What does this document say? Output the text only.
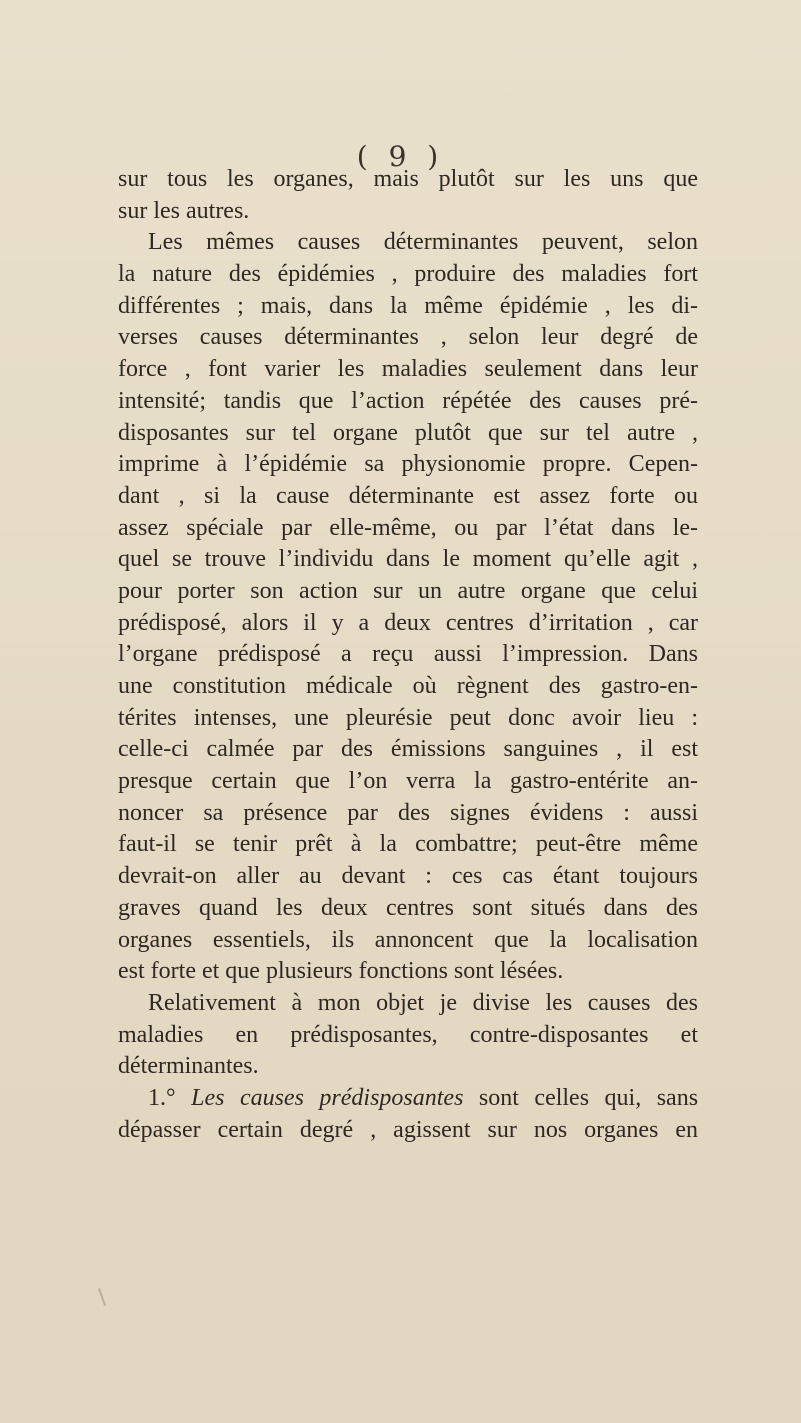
( 9 )
sur tous les organes, mais plutôt sur les uns que
sur les autres.
Les mêmes causes déterminantes peuvent, selon
la nature des épidémies , produire des maladies fort
différentes ; mais, dans la même épidémie , les di-
verses causes déterminantes , selon leur degré de
force , font varier les maladies seulement dans leur
intensité; tandis que l’action répétée des causes pré-
disposantes sur tel organe plutôt que sur tel autre ,
imprime à l’épidémie sa physionomie propre. Cepen-
dant , si la cause déterminante est assez forte ou
assez spéciale par elle-même, ou par l’état dans le-
quel se trouve l’individu dans le moment qu’elle agit ,
pour porter son action sur un autre organe que celui
prédisposé, alors il y a deux centres d’irritation , car
l’organe prédisposé a reçu aussi l’impression. Dans
une constitution médicale où règnent des gastro-en-
térites intenses, une pleurésie peut donc avoir lieu :
celle-ci calmée par des émissions sanguines , il est
presque certain que l’on verra la gastro-entérite an-
noncer sa présence par des signes évidens : aussi
faut-il se tenir prêt à la combattre; peut-être même
devrait-on aller au devant : ces cas étant toujours
graves quand les deux centres sont situés dans des
organes essentiels, ils annoncent que la localisation
est forte et que plusieurs fonctions sont lésées.
Relativement à mon objet je divise les causes des
maladies en prédisposantes, contre-disposantes et
déterminantes.
1.° Les causes prédisposantes sont celles qui, sans
dépasser certain degré , agissent sur nos organes en
